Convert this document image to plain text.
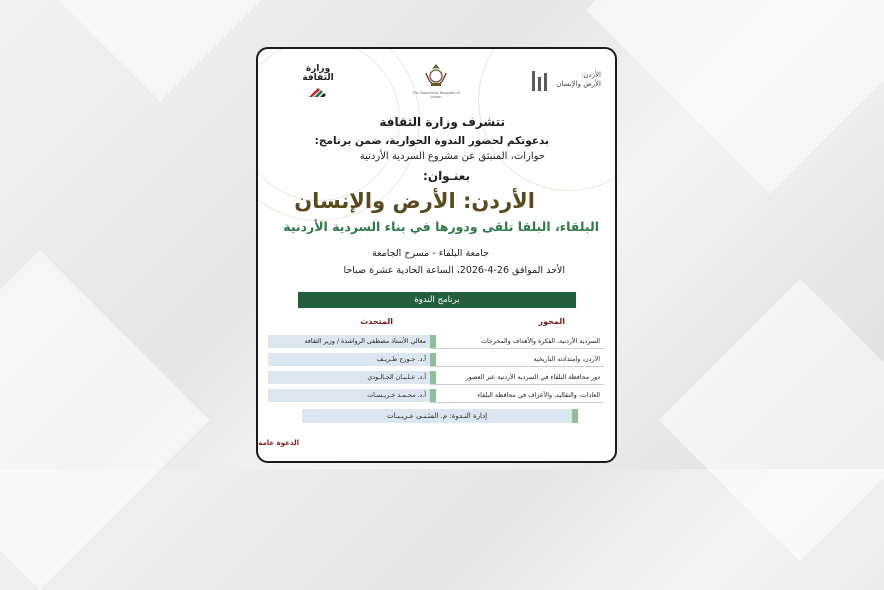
الأردن:
الأرض والإنسان
The Hashemite Kingdom of Jordan
وزارة الثقافة
تتشرف وزارة الثقافة
بدعوتكم لحضور الندوة الحوارية، ضمن برنامج:
حوارات، المنبثق عن مشروع السردية الأردنية
بعنـوان:
الأردن: الأرض والإنسان
البلقاء، البلقا تلقى ودورها في بناء السردية الأردنية
جامعة البلقاء - مسرح الجامعة
الأحد الموافق 26-4-2026، الساعة الحادية عشرة صباحا
برنامج الندوة
المحور
المتحدث
السردية الأردنية، الفكرة والأهداف والمخرجات
الأردن، وامتدادته التاريخية
دور محافظة البلقاء في السردية الأردنية عبر العصور
العادات، والتقاليد، والأعراف في محافظة البلقاء
معالي الأستاذ مصطفى الرواشدة / وزير الثقافة
أ.د. جـورج طـريـف
أ.د. عـلـيـان الجـالـودي
أ.د. محـمـد خـريـسـات
إدارة النـدوة: م. المثـنـى عـريـبـات
الدعوة عامة
